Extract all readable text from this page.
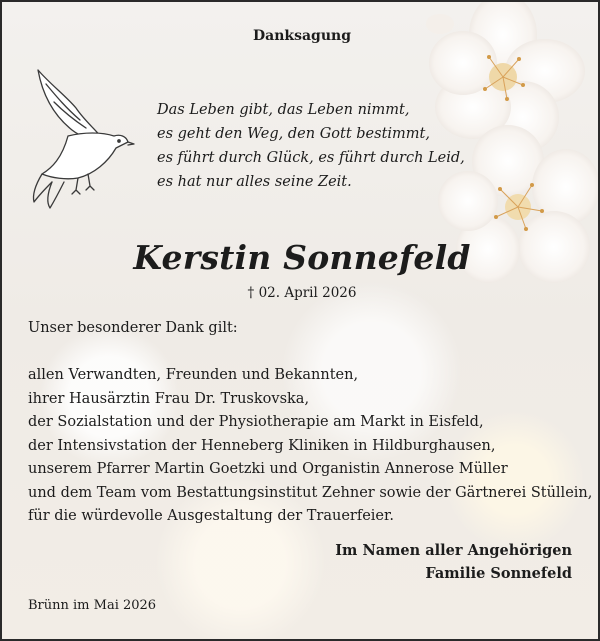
Danksagung
Das Leben gibt, das Leben nimmt,
es geht den Weg, den Gott bestimmt,
es führt durch Glück, es führt durch Leid,
es hat nur alles seine Zeit.
Kerstin Sonnefeld
† 02. April 2026
Unser besonderer Dank gilt:
allen Verwandten, Freunden und Bekannten,
ihrer Hausärztin Frau Dr. Truskovska,
der Sozialstation und der Physiotherapie am Markt in Eisfeld,
der Intensivstation der Henneberg Kliniken in Hildburghausen,
unserem Pfarrer Martin Goetzki und Organistin Annerose Müller
und dem Team vom Bestattungsinstitut Zehner sowie der Gärtnerei Stüllein,
für die würdevolle Ausgestaltung der Trauerfeier.
Im Namen aller Angehörigen
Familie Sonnefeld
Brünn im Mai 2026
